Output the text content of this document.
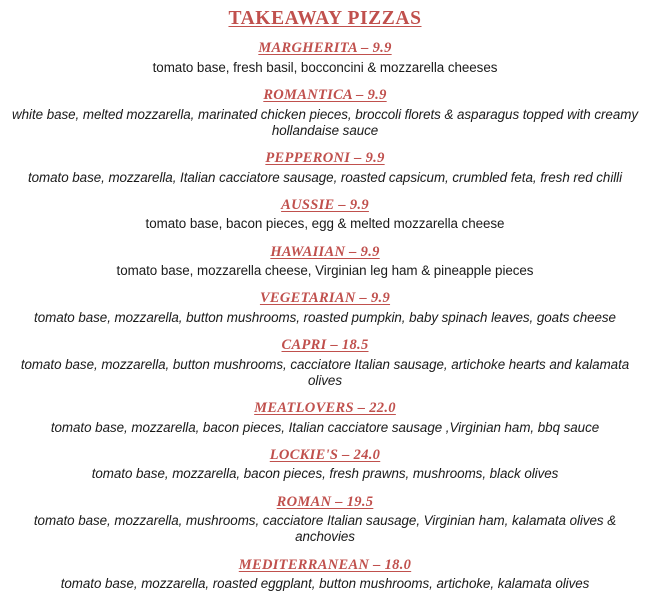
TAKEAWAY PIZZAS
MARGHERITA – 9.9
tomato base, fresh basil, bocconcini & mozzarella cheeses
ROMANTICA – 9.9
white base, melted mozzarella, marinated chicken pieces, broccoli florets & asparagus topped with creamy hollandaise sauce
PEPPERONI – 9.9
tomato base, mozzarella, Italian cacciatore sausage, roasted capsicum, crumbled feta, fresh red chilli
AUSSIE – 9.9
tomato base, bacon pieces, egg & melted mozzarella cheese
HAWAIIAN – 9.9
tomato base, mozzarella cheese, Virginian leg ham & pineapple pieces
VEGETARIAN – 9.9
tomato base, mozzarella, button mushrooms, roasted pumpkin, baby spinach leaves, goats cheese
CAPRI – 18.5
tomato base, mozzarella, button mushrooms, cacciatore Italian sausage, artichoke hearts and kalamata olives
MEATLOVERS – 22.0
tomato base, mozzarella, bacon pieces, Italian cacciatore sausage ,Virginian ham, bbq sauce
LOCKIE'S – 24.0
tomato base, mozzarella, bacon pieces, fresh prawns, mushrooms, black olives
ROMAN – 19.5
tomato base, mozzarella, mushrooms, cacciatore Italian sausage, Virginian ham, kalamata olives & anchovies
MEDITERRANEAN – 18.0
tomato base, mozzarella, roasted eggplant, button mushrooms, artichoke, kalamata olives
